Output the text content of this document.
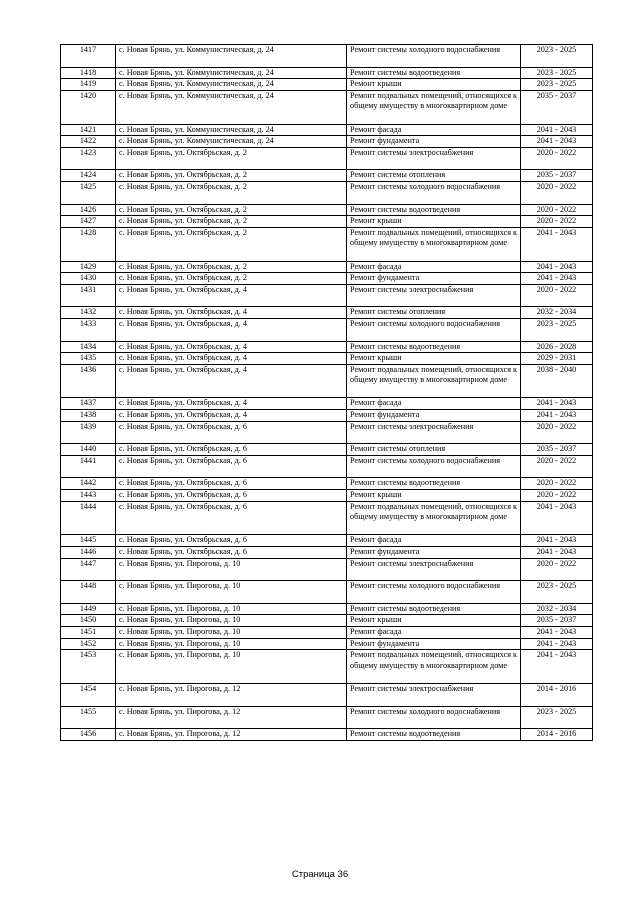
1417	с. Новая Брянь, ул. Коммунистическая, д. 24	Ремонт системы холодного водоснабжения	2023 - 2025
1418	с. Новая Брянь, ул. Коммунистическая, д. 24	Ремонт системы водоотведения	2023 - 2025
1419	с. Новая Брянь, ул. Коммунистическая, д. 24	Ремонт крыши	2023 - 2025
1420	с. Новая Брянь, ул. Коммунистическая, д. 24	Ремонт подвальных помещений, относящихся к общему имуществу в многоквартирном доме	2035 - 2037
1421	с. Новая Брянь, ул. Коммунистическая, д. 24	Ремонт фасада	2041 - 2043
1422	с. Новая Брянь, ул. Коммунистическая, д. 24	Ремонт фундамента	2041 - 2043
1423	с. Новая Брянь, ул. Октябрьская, д. 2	Ремонт системы электроснабжения	2020 - 2022
1424	с. Новая Брянь, ул. Октябрьская, д. 2	Ремонт системы отопления	2035 - 2037
1425	с. Новая Брянь, ул. Октябрьская, д. 2	Ремонт системы холодного водоснабжения	2020 - 2022
1426	с. Новая Брянь, ул. Октябрьская, д. 2	Ремонт системы водоотведения	2020 - 2022
1427	с. Новая Брянь, ул. Октябрьская, д. 2	Ремонт крыши	2020 - 2022
1428	с. Новая Брянь, ул. Октябрьская, д. 2	Ремонт подвальных помещений, относящихся к общему имуществу в многоквартирном доме	2041 - 2043
1429	с. Новая Брянь, ул. Октябрьская, д. 2	Ремонт фасада	2041 - 2043
1430	с. Новая Брянь, ул. Октябрьская, д. 2	Ремонт фундамента	2041 - 2043
1431	с. Новая Брянь, ул. Октябрьская, д. 4	Ремонт системы электроснабжения	2020 - 2022
1432	с. Новая Брянь, ул. Октябрьская, д. 4	Ремонт системы отопления	2032 - 2034
1433	с. Новая Брянь, ул. Октябрьская, д. 4	Ремонт системы холодного водоснабжения	2023 - 2025
1434	с. Новая Брянь, ул. Октябрьская, д. 4	Ремонт системы водоотведения	2026 - 2028
1435	с. Новая Брянь, ул. Октябрьская, д. 4	Ремонт крыши	2029 - 2031
1436	с. Новая Брянь, ул. Октябрьская, д. 4	Ремонт подвальных помещений, относящихся к общему имуществу в многоквартирном доме	2038 - 2040
1437	с. Новая Брянь, ул. Октябрьская, д. 4	Ремонт фасада	2041 - 2043
1438	с. Новая Брянь, ул. Октябрьская, д. 4	Ремонт фундамента	2041 - 2043
1439	с. Новая Брянь, ул. Октябрьская, д. 6	Ремонт системы электроснабжения	2020 - 2022
1440	с. Новая Брянь, ул. Октябрьская, д. 6	Ремонт системы отопления	2035 - 2037
1441	с. Новая Брянь, ул. Октябрьская, д. 6	Ремонт системы холодного водоснабжения	2020 - 2022
1442	с. Новая Брянь, ул. Октябрьская, д. 6	Ремонт системы водоотведения	2020 - 2022
1443	с. Новая Брянь, ул. Октябрьская, д. 6	Ремонт крыши	2020 - 2022
1444	с. Новая Брянь, ул. Октябрьская, д. 6	Ремонт подвальных помещений, относящихся к общему имуществу в многоквартирном доме	2041 - 2043
1445	с. Новая Брянь, ул. Октябрьская, д. 6	Ремонт фасада	2041 - 2043
1446	с. Новая Брянь, ул. Октябрьская, д. 6	Ремонт фундамента	2041 - 2043
1447	с. Новая Брянь, ул. Пирогова, д. 10	Ремонт системы электроснабжения	2020 - 2022
1448	с. Новая Брянь, ул. Пирогова, д. 10	Ремонт системы холодного водоснабжения	2023 - 2025
1449	с. Новая Брянь, ул. Пирогова, д. 10	Ремонт системы водоотведения	2032 - 2034
1450	с. Новая Брянь, ул. Пирогова, д. 10	Ремонт крыши	2035 - 2037
1451	с. Новая Брянь, ул. Пирогова, д. 10	Ремонт фасада	2041 - 2043
1452	с. Новая Брянь, ул. Пирогова, д. 10	Ремонт фундамента	2041 - 2043
1453	с. Новая Брянь, ул. Пирогова, д. 10	Ремонт подвальных помещений, относящихся к общему имуществу в многоквартирном доме	2041 - 2043
1454	с. Новая Брянь, ул. Пирогова, д. 12	Ремонт системы электроснабжения	2014 - 2016
1455	с. Новая Брянь, ул. Пирогова, д. 12	Ремонт системы холодного водоснабжения	2023 - 2025
1456	с. Новая Брянь, ул. Пирогова, д. 12	Ремонт системы водоотведения	2014 - 2016
Страница 36
